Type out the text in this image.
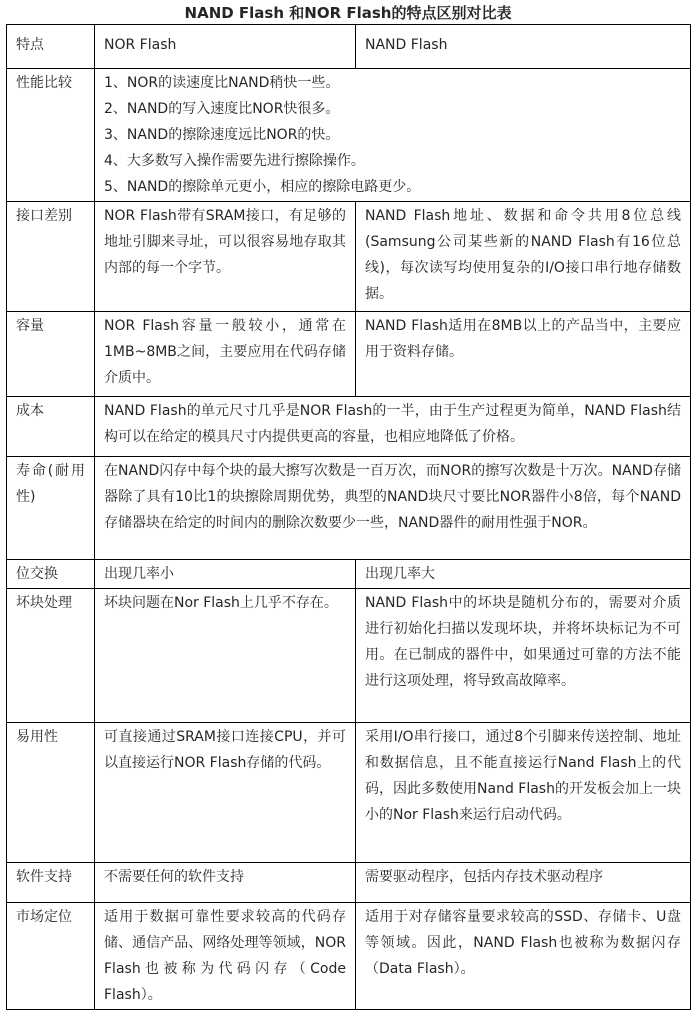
NAND Flash 和NOR Flash的特点区别对比表
特点	NOR Flash	NAND Flash
性能比较	1、NOR的读速度比NAND稍快一些。
2、NAND的写入速度比NOR快很多。
3、NAND的擦除速度远比NOR的快。
4、大多数写入操作需要先进行擦除操作。
5、NAND的擦除单元更小，相应的擦除电路更少。	

接口差别	NOR Flash带有SRAM接口，有足够的地址引脚来寻址，可以很容易地存取其内部的每一个字节。	NAND Flash地址、数据和命令共用8位总线(Samsung公司某些新的NAND Flash有16位总线)，每次读写均使用复杂的I/O接口串行地存储数据。
容量	NOR Flash容量一般较小，通常在1MB~8MB之间，主要应用在代码存储介质中。	NAND Flash适用在8MB以上的产品当中，主要应用于资料存储。
成本	NAND Flash的单元尺寸几乎是NOR Flash的一半，由于生产过程更为简单，NAND Flash结构可以在给定的模具尺寸内提供更高的容量，也相应地降低了价格。	
寿命(耐用性)	在NAND闪存中每个块的最大擦写次数是一百万次，而NOR的擦写次数是十万次。NAND存储器除了具有10比1的块擦除周期优势，典型的NAND块尺寸要比NOR器件小8倍，每个NAND存储器块在给定的时间内的删除次数要少一些，NAND器件的耐用性强于NOR。	
位交换	出现几率小	出现几率大
坏块处理	坏块问题在Nor Flash上几乎不存在。	NAND Flash中的坏块是随机分布的，需要对介质进行初始化扫描以发现坏块，并将坏块标记为不可用。在已制成的器件中，如果通过可靠的方法不能进行这项处理，将导致高故障率。
易用性	可直接通过SRAM接口连接CPU，并可以直接运行NOR Flash存储的代码。	采用I/O串行接口，通过8个引脚来传送控制、地址和数据信息，且不能直接运行Nand Flash上的代码，因此多数使用Nand Flash的开发板会加上一块小的Nor Flash来运行启动代码。
软件支持	不需要任何的软件支持	需要驱动程序，包括内存技术驱动程序
市场定位	适用于数据可靠性要求较高的代码存储、通信产品、网络处理等领域，NOR Flash也被称为代码闪存（Code Flash）。	适用于对存储容量要求较高的SSD、存储卡、U盘等领域。因此，NAND Flash也被称为数据闪存（Data Flash）。
